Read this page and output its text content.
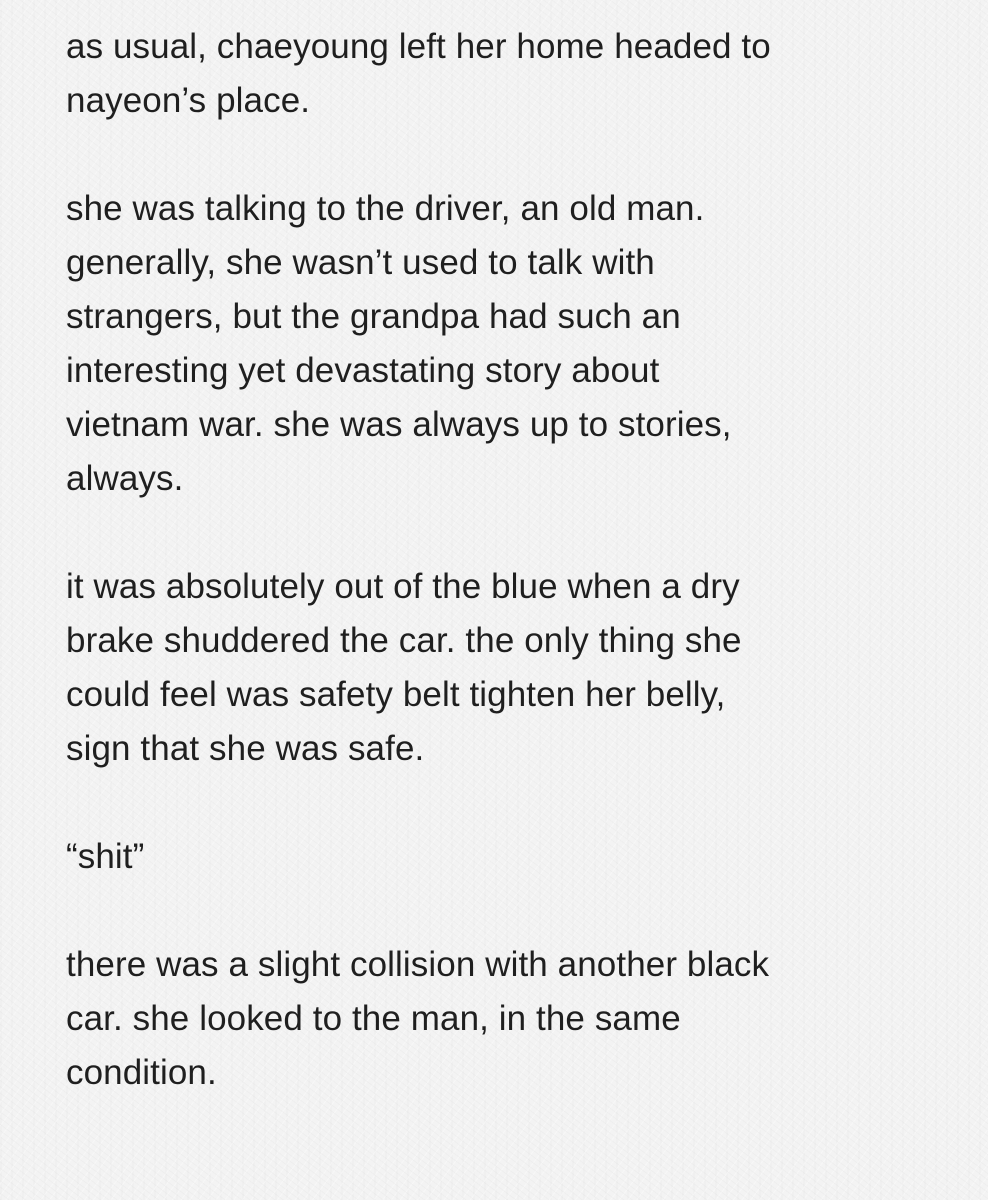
as usual, chaeyoung left her home headed to
nayeon’s place.
she was talking to the driver, an old man.
generally, she wasn’t used to talk with
strangers, but the grandpa had such an
interesting yet devastating story about
vietnam war. she was always up to stories,
always.
it was absolutely out of the blue when a dry
brake shuddered the car. the only thing she
could feel was safety belt tighten her belly,
sign that she was safe.
“shit”
there was a slight collision with another black
car. she looked to the man, in the same
condition.
